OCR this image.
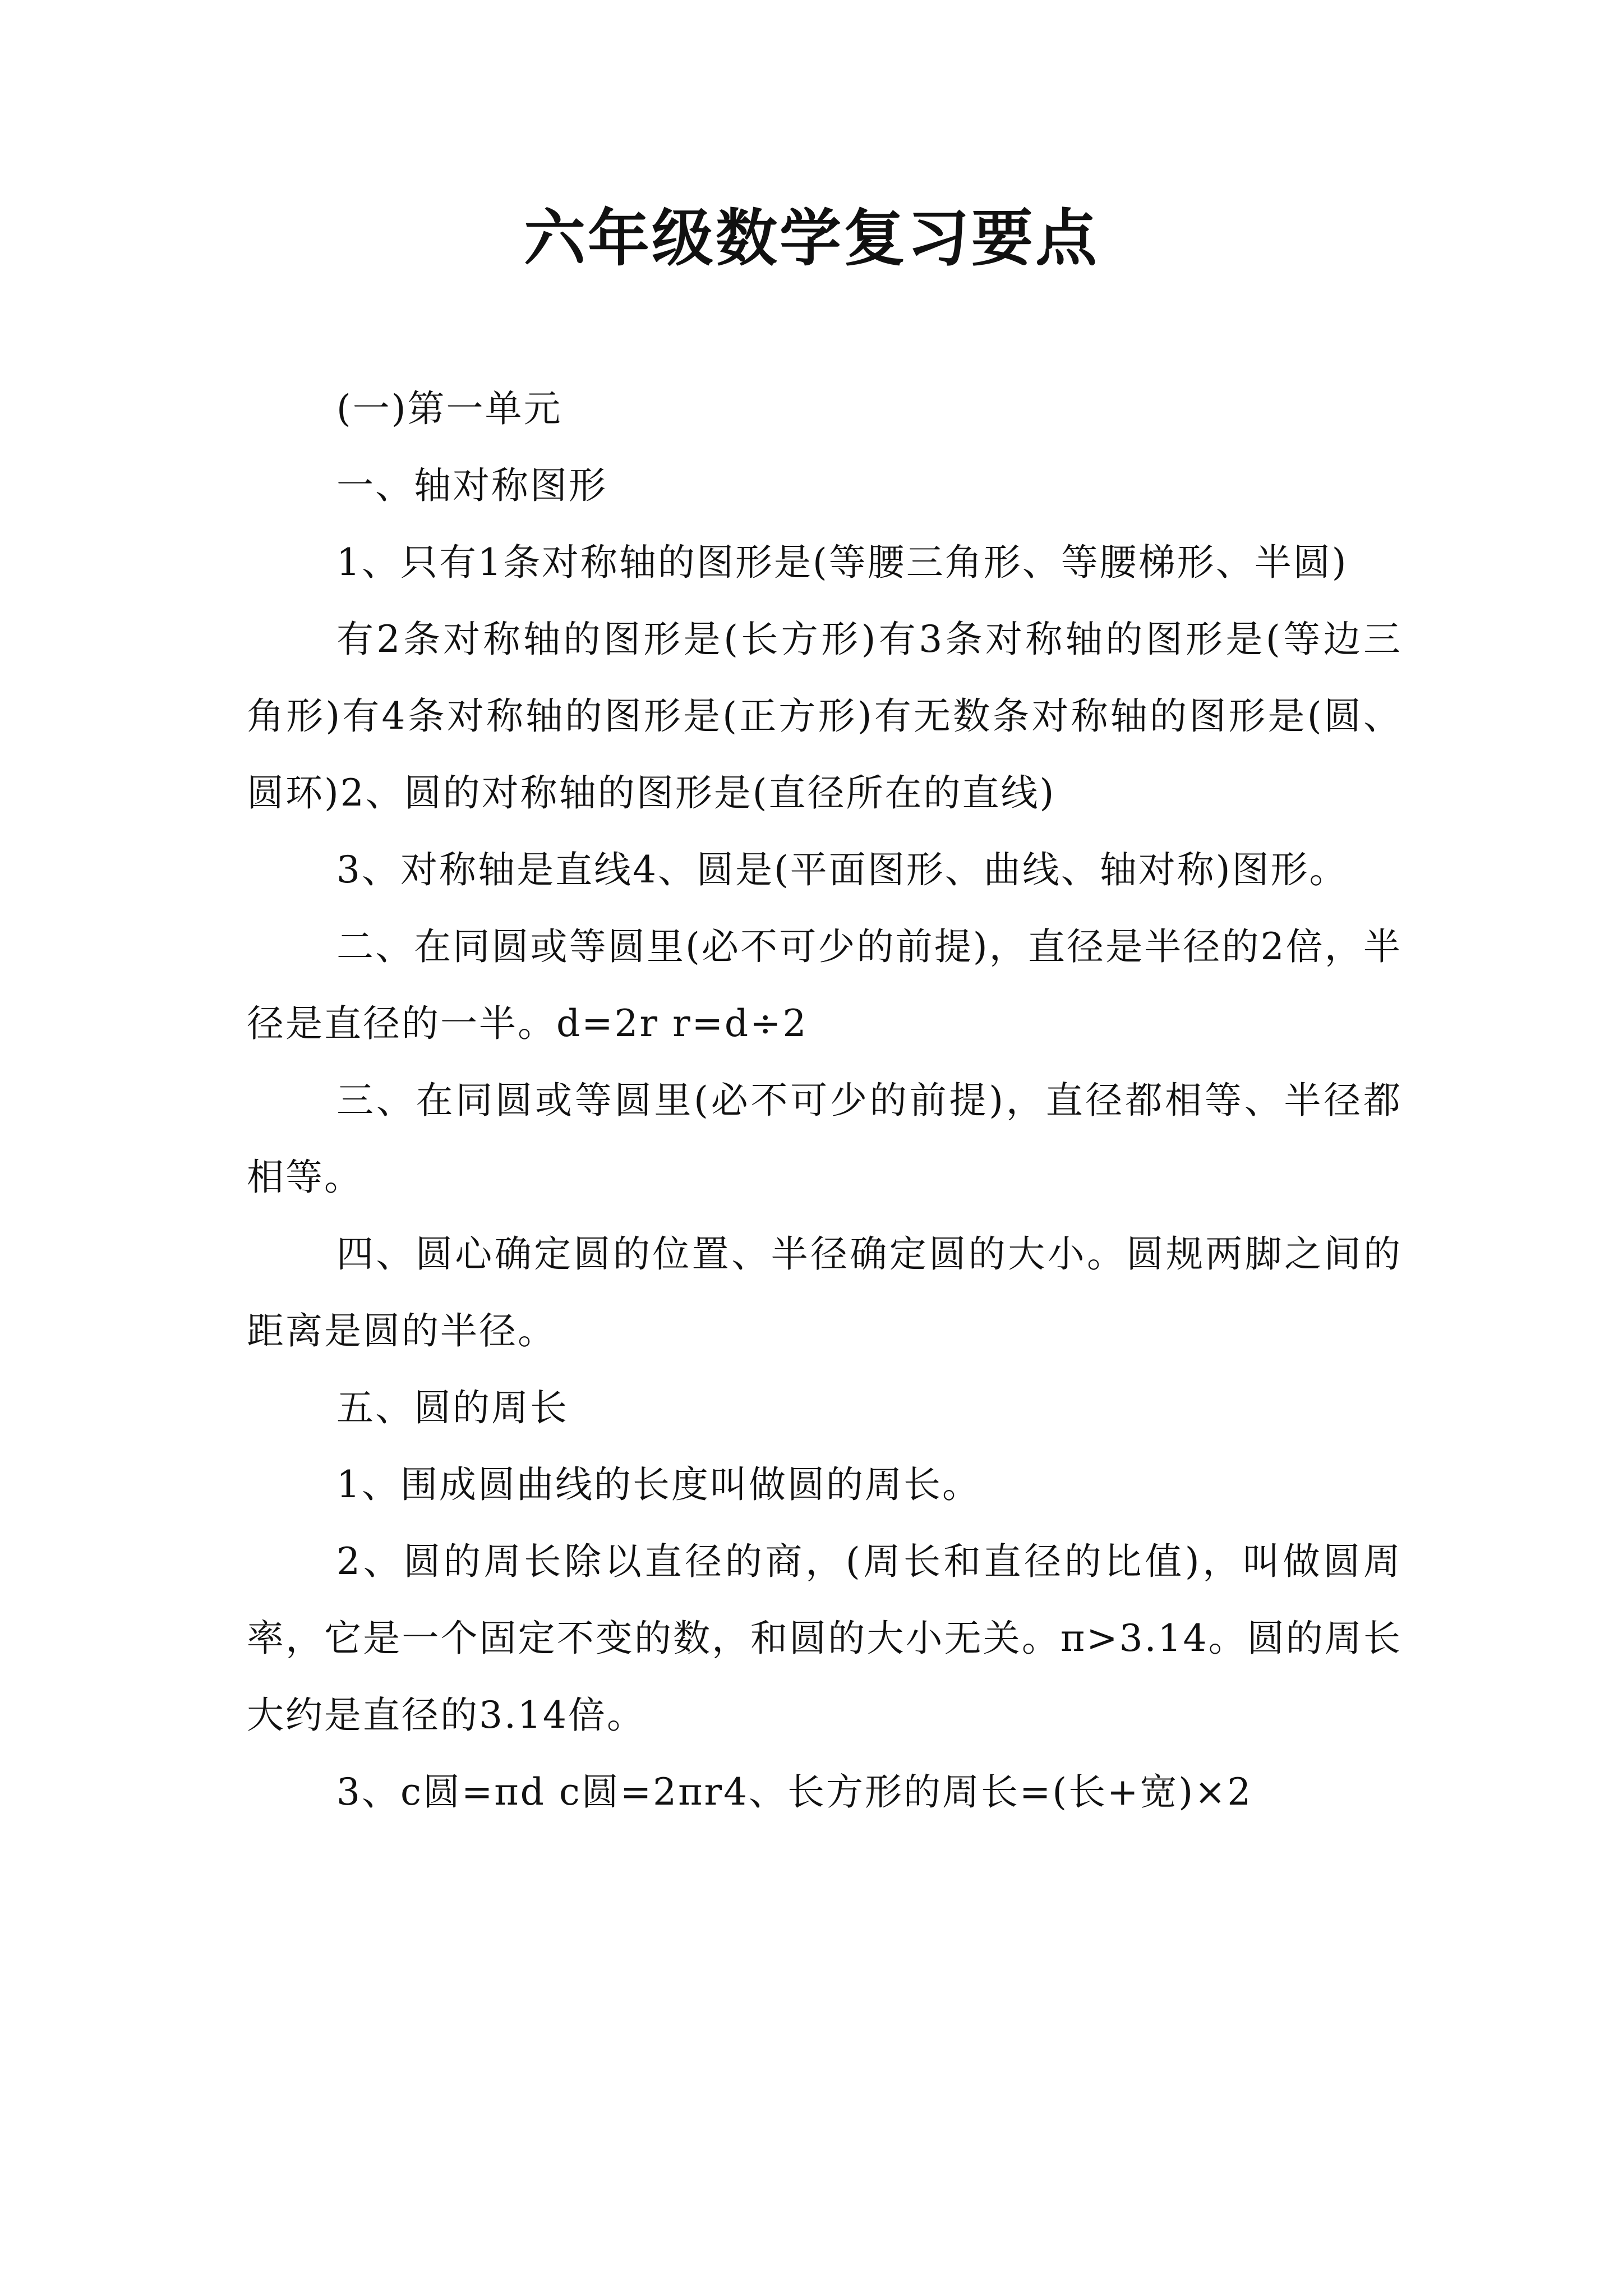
六年级数学复习要点

(一)第一单元

一、轴对称图形

1、只有1条对称轴的图形是(等腰三角形、等腰梯形、半圆)

有2条对称轴的图形是(长方形)有3条对称轴的图形是(等边三角形)有4条对称轴的图形是(正方形)有无数条对称轴的图形是(圆、圆环)2、圆的对称轴的图形是(直径所在的直线)

3、对称轴是直线4、圆是(平面图形、曲线、轴对称)图形。

二、在同圆或等圆里(必不可少的前提)，直径是半径的2倍，半径是直径的一半。d=2r r=d÷2

三、在同圆或等圆里(必不可少的前提)，直径都相等、半径都相等。

四、圆心确定圆的位置、半径确定圆的大小。圆规两脚之间的距离是圆的半径。

五、圆的周长

1、围成圆曲线的长度叫做圆的周长。

2、圆的周长除以直径的商，(周长和直径的比值)，叫做圆周率，它是一个固定不变的数，和圆的大小无关。π>3.14。圆的周长大约是直径的3.14倍。

3、c圆=πd c圆=2πr4、长方形的周长=(长+宽)×2
